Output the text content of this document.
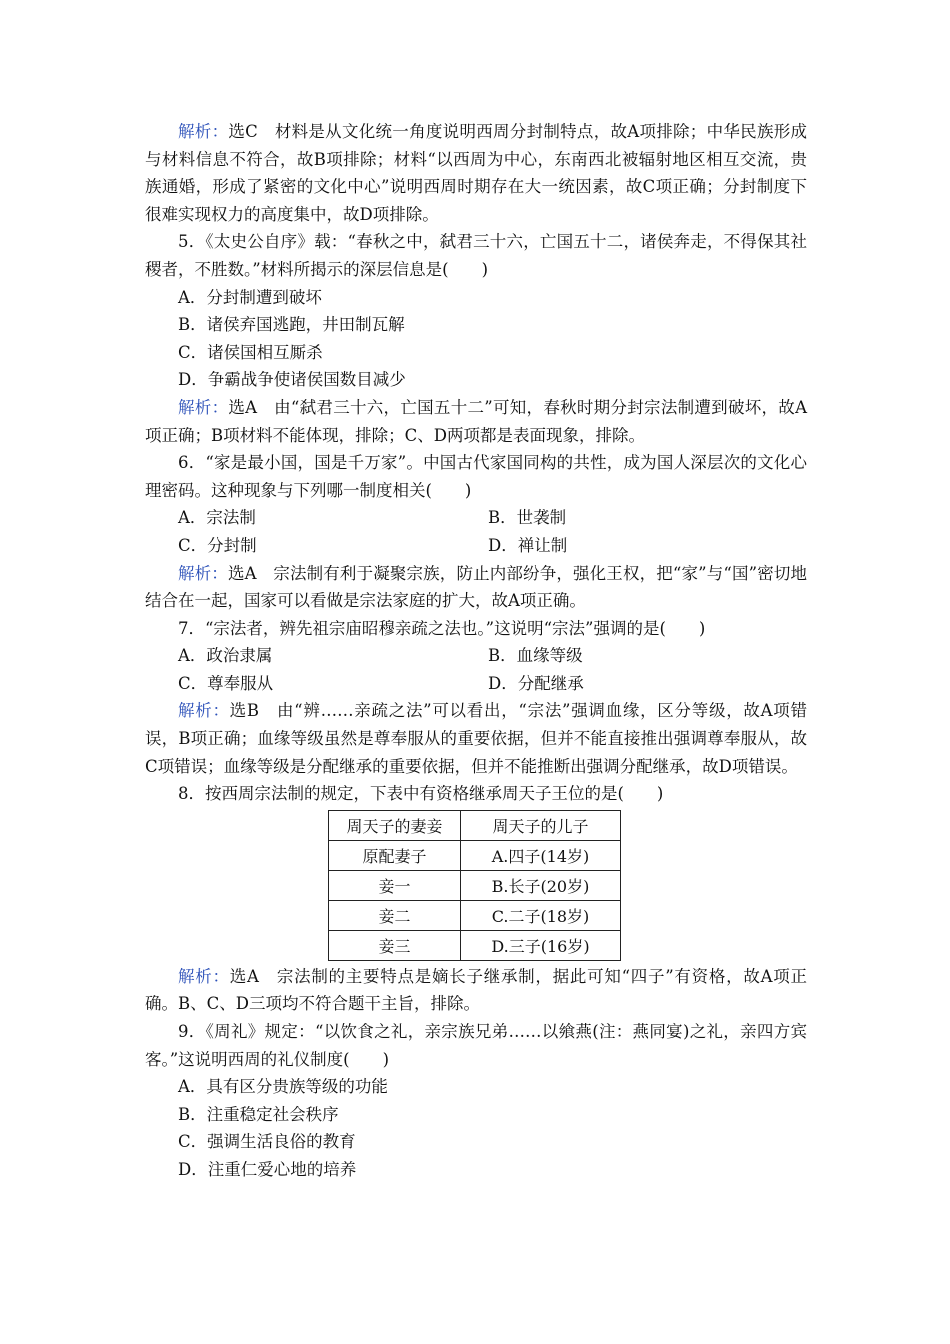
解析：选C　材料是从文化统一角度说明西周分封制特点，故A项排除；中华民族形成与材料信息不符合，故B项排除；材料“以西周为中心，东南西北被辐射地区相互交流，贵族通婚，形成了紧密的文化中心”说明西周时期存在大一统因素，故C项正确；分封制度下很难实现权力的高度集中，故D项排除。

5．《太史公自序》载：“春秋之中，弑君三十六，亡国五十二，诸侯奔走，不得保其社稷者，不胜数。”材料所揭示的深层信息是(　　)

A．分封制遭到破坏

B．诸侯弃国逃跑，井田制瓦解

C．诸侯国相互厮杀

D．争霸战争使诸侯国数目减少

解析：选A　由“弑君三十六，亡国五十二”可知，春秋时期分封宗法制遭到破坏，故A项正确；B项材料不能体现，排除；C、D两项都是表面现象，排除。

6．“家是最小国，国是千万家”。中国古代家国同构的共性，成为国人深层次的文化心理密码。这种现象与下列哪一制度相关(　　)

A．宗法制	B．世袭制
C．分封制	D．禅让制

解析：选A　宗法制有利于凝聚宗族，防止内部纷争，强化王权，把“家”与“国”密切地结合在一起，国家可以看做是宗法家庭的扩大，故A项正确。

7．“宗法者，辨先祖宗庙昭穆亲疏之法也。”这说明“宗法”强调的是(　　)

A．政治隶属	B．血缘等级
C．尊奉服从	D．分配继承

解析：选B　由“辨……亲疏之法”可以看出，“宗法”强调血缘，区分等级，故A项错误，B项正确；血缘等级虽然是尊奉服从的重要依据，但并不能直接推出强调尊奉服从，故C项错误；血缘等级是分配继承的重要依据，但并不能推断出强调分配继承，故D项错误。

8．按西周宗法制的规定，下表中有资格继承周天子王位的是(　　)

周天子的妻妾	周天子的儿子
原配妻子	A.四子(14岁)
妾一	B.长子(20岁)
妾二	C.二子(18岁)
妾三	D.三子(16岁)

解析：选A　宗法制的主要特点是嫡长子继承制，据此可知“四子”有资格，故A项正确。B、C、D三项均不符合题干主旨，排除。

9．《周礼》规定：“以饮食之礼，亲宗族兄弟……以飨燕(注：燕同宴)之礼，亲四方宾客。”这说明西周的礼仪制度(　　)

A．具有区分贵族等级的功能

B．注重稳定社会秩序

C．强调生活良俗的教育

D．注重仁爱心地的培养
